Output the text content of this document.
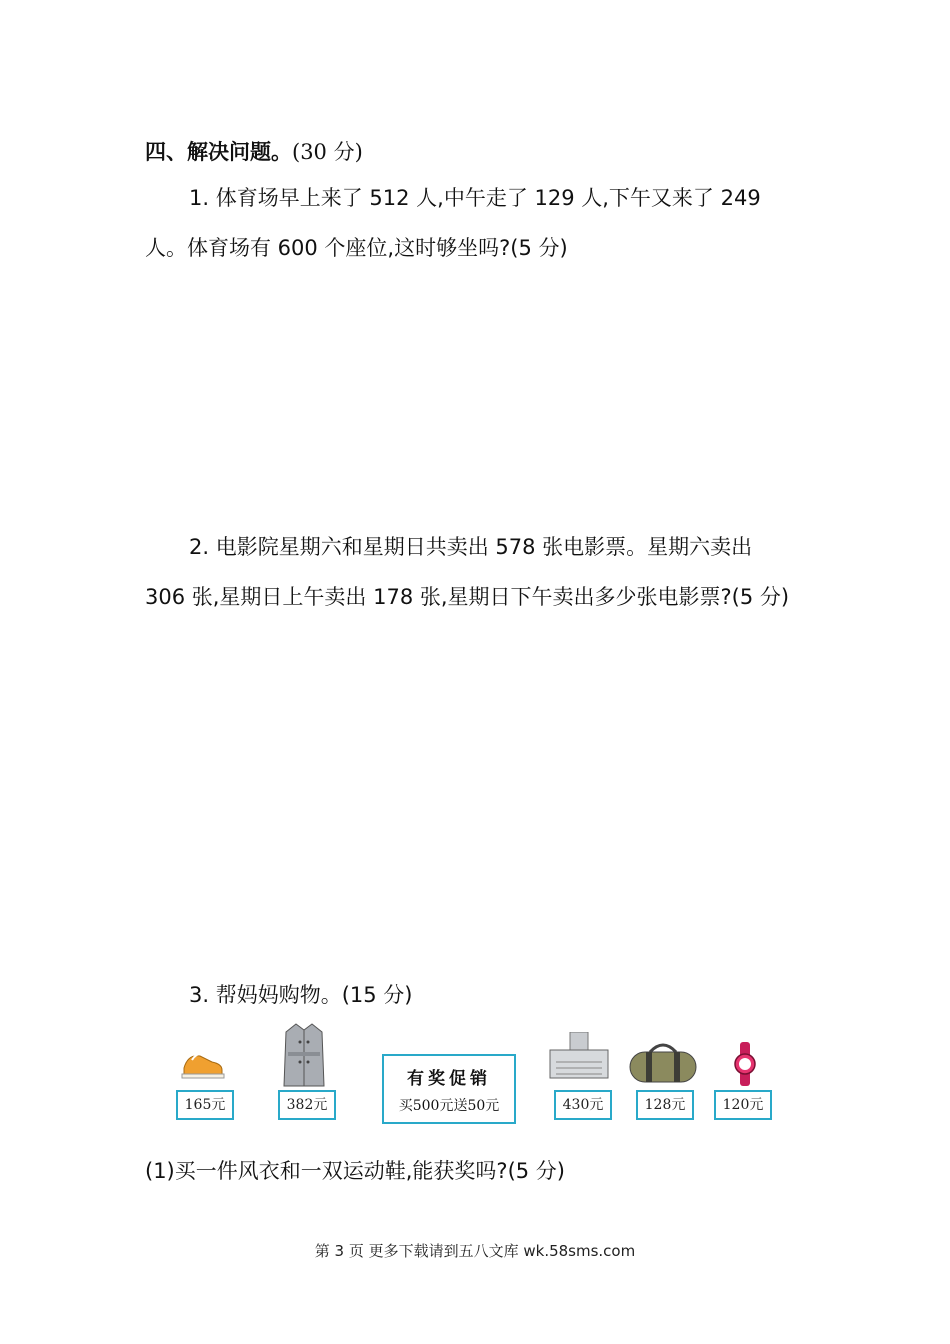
四、解决问题。(30 分)
1. 体育场早上来了 512 人,中午走了 129 人,下午又来了 249 人。体育场有 600 个座位,这时够坐吗?(5 分)
2. 电影院星期六和星期日共卖出 578 张电影票。星期六卖出 306 张,星期日上午卖出 178 张,星期日下午卖出多少张电影票?(5 分)
3. 帮妈妈购物。(15 分)
165元	382元
有奖促销
买500元送50元	430元	128元	120元
(1)买一件风衣和一双运动鞋,能获奖吗?(5 分)
第 3 页 更多下载请到五八文库 wk.58sms.com
